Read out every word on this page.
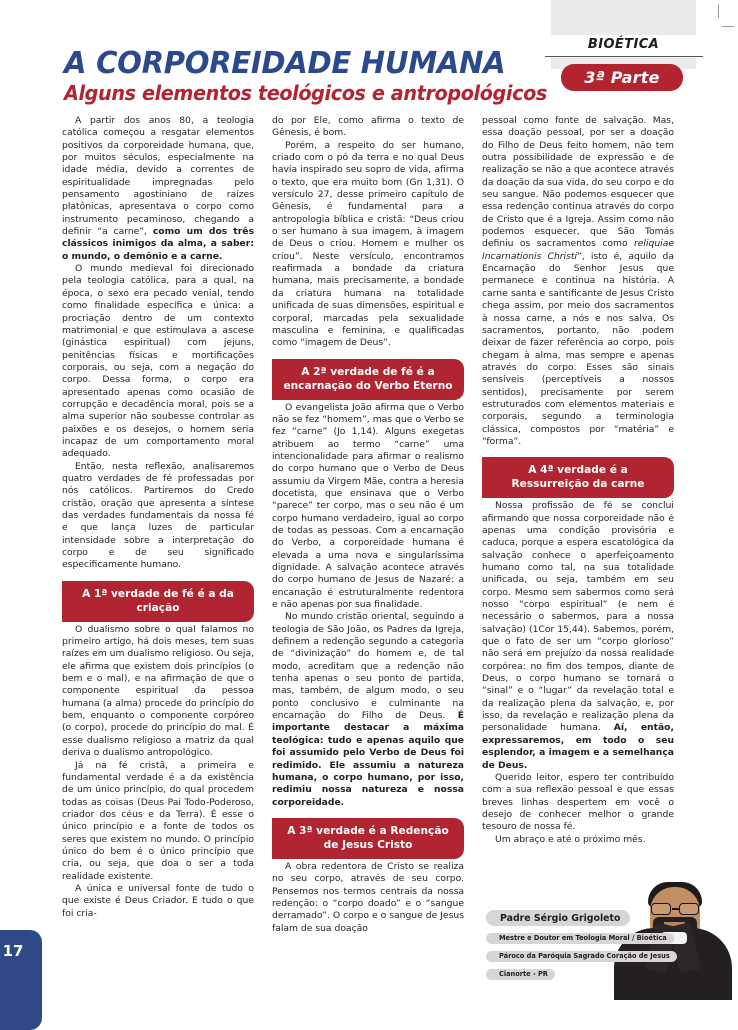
BIOÉTICA
3ª Parte
A CORPOREIDADE HUMANA
Alguns elementos teológicos e antropológicos

A partir dos anos 80, a teologia católica começou a resgatar elementos positivos da corporeidade humana, que, por muitos séculos, especialmente na idade média, devido a correntes de espiritualidade impregnadas pelo pensamento agostiniano de raízes platônicas, apresentava o corpo como instrumento pecaminoso, chegando a definir “a carne”, como um dos três clássicos inimigos da alma, a saber: o mundo, o demônio e a carne.

O mundo medieval foi direcionado pela teologia católica, para a qual, na época, o sexo era pecado venial, tendo como finalidade específica e única: a procriação dentro de um contexto matrimonial e que estimulava a ascese (ginástica espiritual) com jejuns, penitências físicas e mortificações corporais, ou seja, com a negação do corpo. Dessa forma, o corpo era apresentado apenas como ocasião de corrupção e decadência moral, pois se a alma superior não soubesse controlar as paixões e os desejos, o homem seria incapaz de um comportamento moral adequado.

Então, nesta reflexão, analisaremos quatro verdades de fé professadas por nós católicos. Partiremos do Credo cristão, oração que apresenta a síntese das verdades fundamentais da nossa fé e que lança luzes de particular intensidade sobre a interpretação do corpo e de seu significado especificamente humano.

A 1ª verdade de fé é a da criação

O dualismo sobre o qual falamos no primeiro artigo, há dois meses, tem suas raízes em um dualismo religioso. Ou seja, ele afirma que existem dois princípios (o bem e o mal), e na afirmação de que o componente espiritual da pessoa humana (a alma) procede do princípio do bem, enquanto o componente corpóreo (o corpo), procede do princípio do mal. É esse dualismo religioso a matriz da qual deriva o dualismo antropológico.

Já na fé cristã, a primeira e fundamental verdade é a da existência de um único princípio, do qual procedem todas as coisas (Deus Pai Todo-Poderoso, criador dos céus e da Terra). É esse o único princípio e a fonte de todos os seres que existem no mundo. O princípio único do bem é o único princípio que cria, ou seja, que doa o ser a toda realidade existente.

A única e universal fonte de tudo o que existe é Deus Criador. E tudo o que foi cria-

do por Ele, como afirma o texto de Gênesis, é bom.

Porém, a respeito do ser humano, criado com o pó da terra e no qual Deus havia inspirado seu sopro de vida, afirma o texto, que era muito bom (Gn 1,31). O versículo 27, desse primeiro capítulo de Gênesis, é fundamental para a antropologia bíblica e cristã: “Deus criou o ser humano à sua imagem, à imagem de Deus o criou. Homem e mulher os criou”. Neste versículo, encontramos reafirmada a bondade da criatura humana, mais precisamente, a bondade da criatura humana na totalidade unificada de suas dimensões, espiritual e corporal, marcadas pela sexualidade masculina e feminina, e qualificadas como “imagem de Deus”.

A 2ª verdade de fé é a encarnação do Verbo Eterno

O evangelista João afirma que o Verbo não se fez “homem”, mas que o Verbo se fez “carne” (Jo 1,14). Alguns exegetas atribuem ao termo “carne” uma intencionalidade para afirmar o realismo do corpo humano que o Verbo de Deus assumiu da Virgem Mãe, contra a heresia docetista, que ensinava que o Verbo “parece” ter corpo, mas o seu não é um corpo humano verdadeiro, igual ao corpo de todas as pessoas. Com a encarnação do Verbo, a corporeidade humana é elevada a uma nova e singularíssima dignidade. A salvação acontece através do corpo humano de Jesus de Nazaré: a encanação é estruturalmente redentora e não apenas por sua finalidade.

No mundo cristão oriental, seguindo a teologia de São João, os Padres da Igreja, definem a redenção segundo a categoria de “divinização” do homem e, de tal modo, acreditam que a redenção não tenha apenas o seu ponto de partida, mas, também, de algum modo, o seu ponto conclusivo e culminante na encarnação do Filho de Deus. É importante destacar a máxima teológica: tudo e apenas aquilo que foi assumido pelo Verbo de Deus foi redimido. Ele assumiu a natureza humana, o corpo humano, por isso, redimiu nossa natureza e nossa corporeidade.

A 3ª verdade é a Redenção de Jesus Cristo

A obra redentora de Cristo se realiza no seu corpo, através de seu corpo. Pensemos nos termos centrais da nossa redenção: o “corpo doado” e o “sangue derramado”. O corpo e o sangue de Jesus falam de sua doação

pessoal como fonte de salvação. Mas, essa doação pessoal, por ser a doação do Filho de Deus feito homem, não tem outra possibilidade de expressão e de realização se não a que acontece através da doação da sua vida, do seu corpo e do seu sangue. Não podemos esquecer que essa redenção continua através do corpo de Cristo que é a Igreja. Assim como não podemos esquecer, que São Tomás definiu os sacramentos como reliquiae Incarnationis Christi”, isto é, aquilo da Encarnação do Senhor Jesus que permanece e continua na história. A carne santa e santificante de Jesus Cristo chega assim, por meio dos sacramentos à nossa carne, a nós e nos salva. Os sacramentos, portanto, não podem deixar de fazer referência ao corpo, pois chegam à alma, mas sempre e apenas através do corpo. Esses são sinais sensíveis (perceptíveis a nossos sentidos), precisamente por serem estruturados com elementos materiais e corporais, segundo a terminologia clássica, compostos por “matéria” e “forma”.

A 4ª verdade é a Ressurreição da carne

Nossa profissão de fé se conclui afirmando que nossa corporeidade não é apenas uma condição provisória e caduca, porque a espera escatológica da salvação conhece o aperfeiçoamento humano como tal, na sua totalidade unificada, ou seja, também em seu corpo. Mesmo sem sabermos como será nosso “corpo espiritual” (e nem é necessário o sabermos, para a nossa salvação) (1Cor 15,44). Sabemos, porém, que o fato de ser um “corpo glorioso” não será em prejuízo da nossa realidade corpórea: no fim dos tempos, diante de Deus, o corpo humano se tornará o “sinal” e o “lugar” da revelação total e da realização plena da salvação, e, por isso, da revelação e realização plena da personalidade humana. Aí, então, expressaremos, em todo o seu esplendor, a imagem e a semelhança de Deus.

Querido leitor, espero ter contribuído com a sua reflexão pessoal e que essas breves linhas despertem em você o desejo de conhecer melhor o grande tesouro de nossa fé.

Um abraço e até o próximo mês.

17
Padre Sérgio Grigoleto
Mestre e Doutor em Teologia Moral / Bioética
Pároco da Paróquia Sagrado Coração de Jesus
Cianorte - PR
